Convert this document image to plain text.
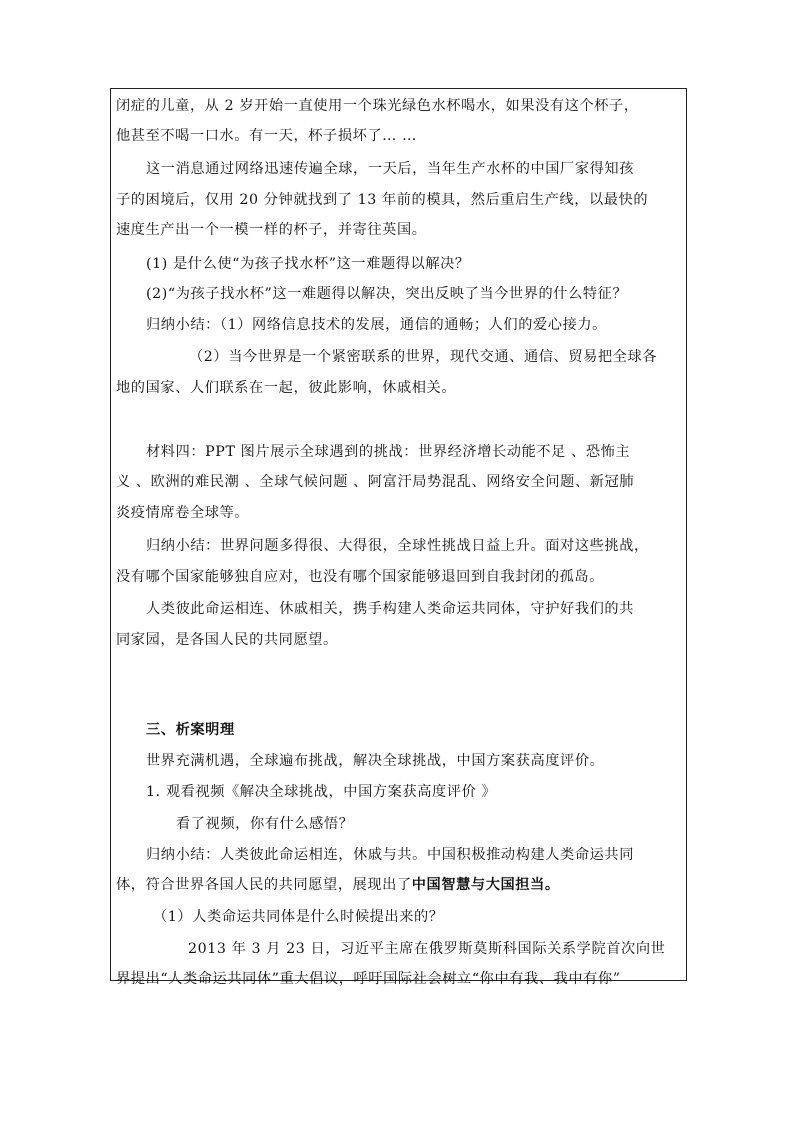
闭症的儿童，从 2 岁开始一直使用一个珠光绿色水杯喝水，如果没有这个杯子，
他甚至不喝一口水。有一天，杯子损坏了… …
这一消息通过网络迅速传遍全球，一天后，当年生产水杯的中国厂家得知孩
子的困境后，仅用 20 分钟就找到了 13 年前的模具，然后重启生产线，以最快的
速度生产出一个一模一样的杯子，并寄往英国。
(1) 是什么使“为孩子找水杯”这一难题得以解决？
(2)“为孩子找水杯”这一难题得以解决，突出反映了当今世界的什么特征？
归纳小结：（1）网络信息技术的发展，通信的通畅；人们的爱心接力。
（2）当今世界是一个紧密联系的世界，现代交通、通信、贸易把全球各
地的国家、人们联系在一起，彼此影响，休戚相关。
材料四：PPT 图片展示全球遇到的挑战：世界经济增长动能不足 、恐怖主
义 、欧洲的难民潮 、全球气候问题 、阿富汗局势混乱、网络安全问题、新冠肺
炎疫情席卷全球等。
归纳小结：世界问题多得很、大得很，全球性挑战日益上升。面对这些挑战，
没有哪个国家能够独自应对，也没有哪个国家能够退回到自我封闭的孤岛。
人类彼此命运相连、休戚相关，携手构建人类命运共同体，守护好我们的共
同家园，是各国人民的共同愿望。
三、析案明理
世界充满机遇，全球遍布挑战，解决全球挑战，中国方案获高度评价。
1. 观看视频《解决全球挑战，中国方案获高度评价 》
看了视频，你有什么感悟？
归纳小结：人类彼此命运相连，休戚与共。中国积极推动构建人类命运共同
体，符合世界各国人民的共同愿望，展现出了中国智慧与大国担当。
（1）人类命运共同体是什么时候提出来的？
2013 年 3 月 23 日，习近平主席在俄罗斯莫斯科国际关系学院首次向世
界提出“人类命运共同体”重大倡议，呼吁国际社会树立“你中有我、我中有你”
